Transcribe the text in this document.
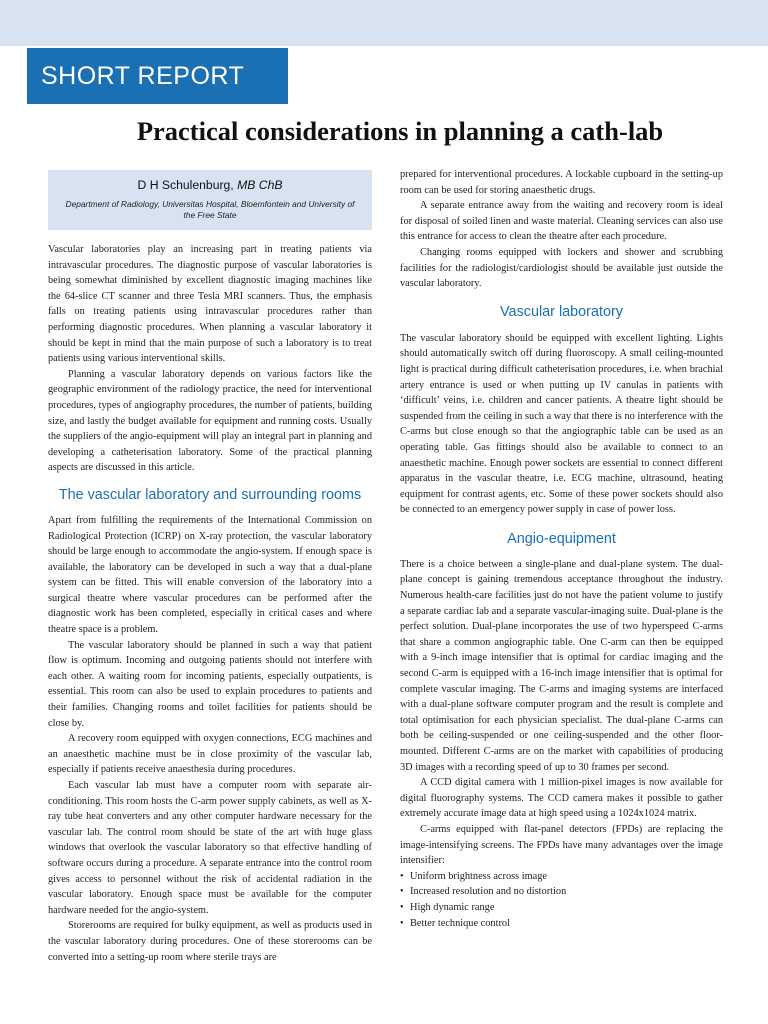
SHORT REPORT
Practical considerations in planning a cath-lab
D H Schulenburg, MB ChB
Department of Radiology, Universitas Hospital, Bloemfontein and University of the Free State

Vascular laboratories play an increasing part in treating patients via intravascular procedures. The diagnostic purpose of vascular laboratories is being somewhat diminished by excellent diagnostic imaging machines like the 64-slice CT scanner and three Tesla MRI scanners. Thus, the emphasis falls on treating patients using intravascular procedures rather than performing diagnostic procedures. When planning a vascular laboratory it should be kept in mind that the main purpose of such a laboratory is to treat patients using various interventional skills.

Planning a vascular laboratory depends on various factors like the geographic environment of the radiology practice, the need for interventional procedures, types of angiography procedures, the number of patients, building size, and lastly the budget available for equipment and running costs. Usually the suppliers of the angio-equipment will play an integral part in planning and developing a catheterisation laboratory. Some of the practical planning aspects are discussed in this article.

The vascular laboratory and surrounding rooms

Apart from fulfilling the requirements of the International Commission on Radiological Protection (ICRP) on X-ray protection, the vascular laboratory should be large enough to accommodate the angio-system. If enough space is available, the laboratory can be developed in such a way that a dual-plane system can be fitted. This will enable conversion of the laboratory into a surgical theatre where vascular procedures can be performed after the diagnostic work has been completed, especially in critical cases and where theatre space is a problem.

The vascular laboratory should be planned in such a way that patient flow is optimum. Incoming and outgoing patients should not interfere with each other. A waiting room for incoming patients, especially outpatients, is essential. This room can also be used to explain procedures to patients and their families. Changing rooms and toilet facilities for patients should be close by.

A recovery room equipped with oxygen connections, ECG machines and an anaesthetic machine must be in close proximity of the vascular lab, especially if patients receive anaesthesia during procedures.

Each vascular lab must have a computer room with separate air-conditioning. This room hosts the C-arm power supply cabinets, as well as X-ray tube heat converters and any other computer hardware necessary for the vascular lab. The control room should be state of the art with huge glass windows that overlook the vascular laboratory so that effective handling of software occurs during a procedure. A separate entrance into the control room gives access to personnel without the risk of accidental radiation in the vascular laboratory. Enough space must be available for the computer hardware needed for the angio-system.

Storerooms are required for bulky equipment, as well as products used in the vascular laboratory during procedures. One of these storerooms can be converted into a setting-up room where sterile trays are

prepared for interventional procedures. A lockable cupboard in the setting-up room can be used for storing anaesthetic drugs.

A separate entrance away from the waiting and recovery room is ideal for disposal of soiled linen and waste material. Cleaning services can also use this entrance for access to clean the theatre after each procedure.

Changing rooms equipped with lockers and shower and scrubbing facilities for the radiologist/cardiologist should be available just outside the vascular laboratory.

Vascular laboratory

The vascular laboratory should be equipped with excellent lighting. Lights should automatically switch off during fluoroscopy. A small ceiling-mounted light is practical during difficult catheterisation procedures, i.e. when brachial artery entrance is used or when putting up IV canulas in patients with ‘difficult’ veins, i.e. children and cancer patients. A theatre light should be suspended from the ceiling in such a way that there is no interference with the C-arms but close enough so that the angiographic table can be used as an operating table. Gas fittings should also be available to connect to an anaesthetic machine. Enough power sockets are essential to connect different apparatus in the vascular theatre, i.e. ECG machine, ultrasound, heating equipment for contrast agents, etc. Some of these power sockets should also be connected to an emergency power supply in case of power loss.

Angio-equipment

There is a choice between a single-plane and dual-plane system. The dual-plane concept is gaining tremendous acceptance throughout the industry. Numerous health-care facilities just do not have the patient volume to justify a separate cardiac lab and a separate vascular-imaging suite. Dual-plane is the perfect solution. Dual-plane incorporates the use of two hyperspeed C-arms that share a common angiographic table. One C-arm can then be equipped with a 9-inch image intensifier that is optimal for cardiac imaging and the second C-arm is equipped with a 16-inch image intensifier that is optimal for complete vascular imaging. The C-arms and imaging systems are interfaced with a dual-plane software computer program and the result is complete and total optimisation for each physician specialist. The dual-plane C-arms can both be ceiling-suspended or one ceiling-suspended and the other floor-mounted. Different C-arms are on the market with capabilities of producing 3D images with a recording speed of up to 30 frames per second.

A CCD digital camera with 1 million-pixel images is now available for digital fluorography systems. The CCD camera makes it possible to gather extremely accurate image data at high speed using a 1024x1024 matrix.

C-arms equipped with flat-panel detectors (FPDs) are replacing the image-intensifying screens. The FPDs have many advantages over the image intensifier:

• Uniform brightness across image
• Increased resolution and no distortion
• High dynamic range
• Better technique control
